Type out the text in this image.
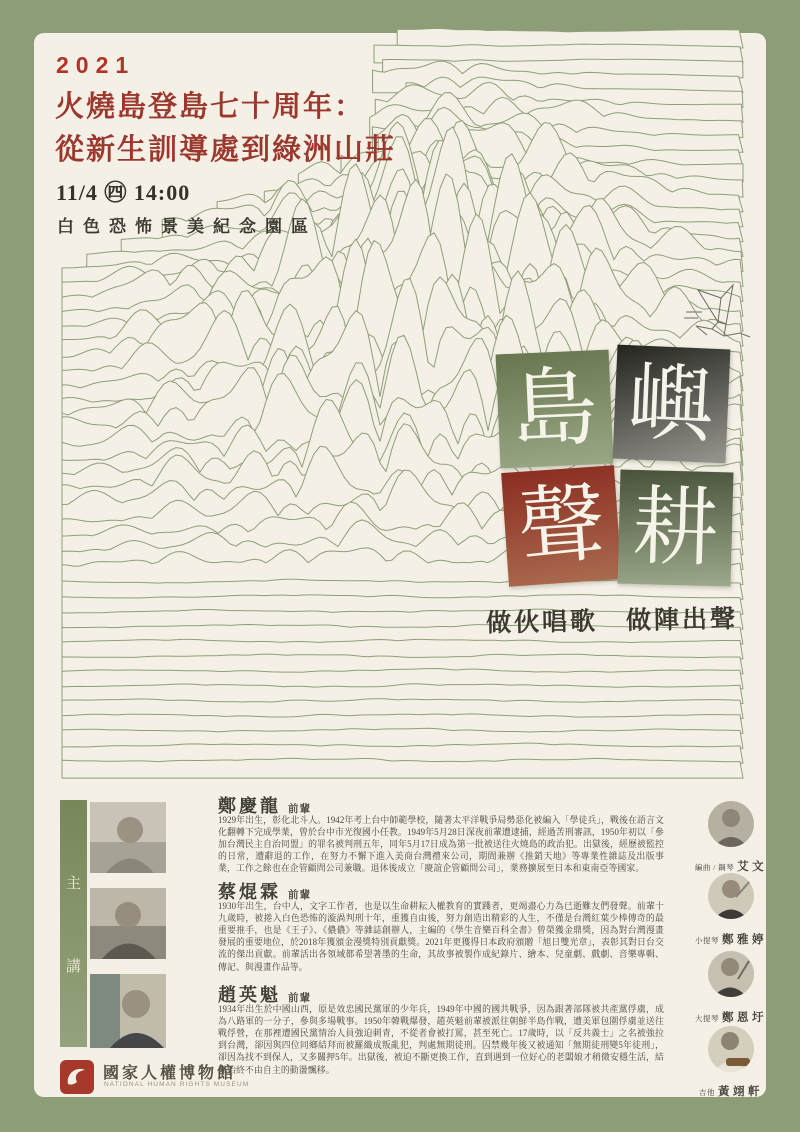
2021
火燒島登島七十周年：
從新生訓導處到綠洲山莊
11/4 ㊃ 14:00
白色恐怖景美紀念園區
島 嶼
聲 耕
做伙唱歌　做陣出聲
主
講
鄭慶龍 前輩
1929年出生，彰化北斗人。1942年考上台中師範學校，隨著太平洋戰爭局勢惡化被編入「學徒兵」，戰後在語言文化翻轉下完成學業，曾於台中市光復國小任教。1949年5月28日深夜前輩遭逮捕，經過苦刑審訊，1950年初以「參加台灣民主自治同盟」的罪名被判刑五年，同年5月17日成為第一批被送往火燒島的政治犯。出獄後，經歷被監控的日常，遭辭退的工作，在努力不懈下進入美商台灣禮來公司，期間兼辦《推銷天地》等專業性雜誌及出版事業，工作之餘也在企管顧問公司兼職。退休後成立「慶誼企管顧問公司」，業務擴展至日本和東南亞等國家。
蔡焜霖 前輩
1930年出生，台中人，文字工作者，也是以生命耕耘人權教育的實踐者，更竭盡心力為已逝難友們發聲。前輩十九歲時，被捲入白色恐怖的漩渦判刑十年，重獲自由後，努力創造出精彩的人生，不僅是台灣紅葉少棒傳奇的最重要推手，也是《王子》、《儂儂》等雜誌創辦人，主編的《學生音樂百科全書》曾榮獲金鼎獎，因為對台灣漫畫發展的重要地位，於2018年獲頒金漫獎特別貢獻獎。2021年更獲得日本政府頒贈「旭日雙光章」，表彰其對日台交流的傑出貢獻。前輩活出各領域都希望著墨的生命，其故事被製作成紀錄片、繪本、兒童劇、戲劇、音樂專輯、傳記、與漫畫作品等。
趙英魁 前輩
1934年出生於中國山西，原是效忠國民黨軍的少年兵，1949年中國的國共戰爭，因為跟著部隊被共產黨俘虜，成為八路軍的一分子，參與多場戰事。1950年韓戰爆發，趙英魁前輩被派往朝鮮半島作戰，遭美軍包圍俘虜並送往戰俘營，在那裡遭國民黨情治人員強迫刺青，不從者會被打罵，甚至死亡。17歲時，以「反共義士」之名被強拉到台灣，卻因與四位同鄉結拜而被羅織成叛亂犯，判處無期徒刑。囚禁幾年後又被通知「無期徒刑變5年徒刑」，卻因為找不到保人，又多關押5年。出獄後，被迫不斷更換工作，直到遇到一位好心的老闆娘才稍微安穩生活，結束始終不由自主的動盪飄移。
編曲 / 鋼琴 艾文
小提琴 鄭雅婷
大提琴 鄭恩圩
吉他 黃翊軒
國家人權博物館
NATIONAL HUMAN RIGHTS MUSEUM
